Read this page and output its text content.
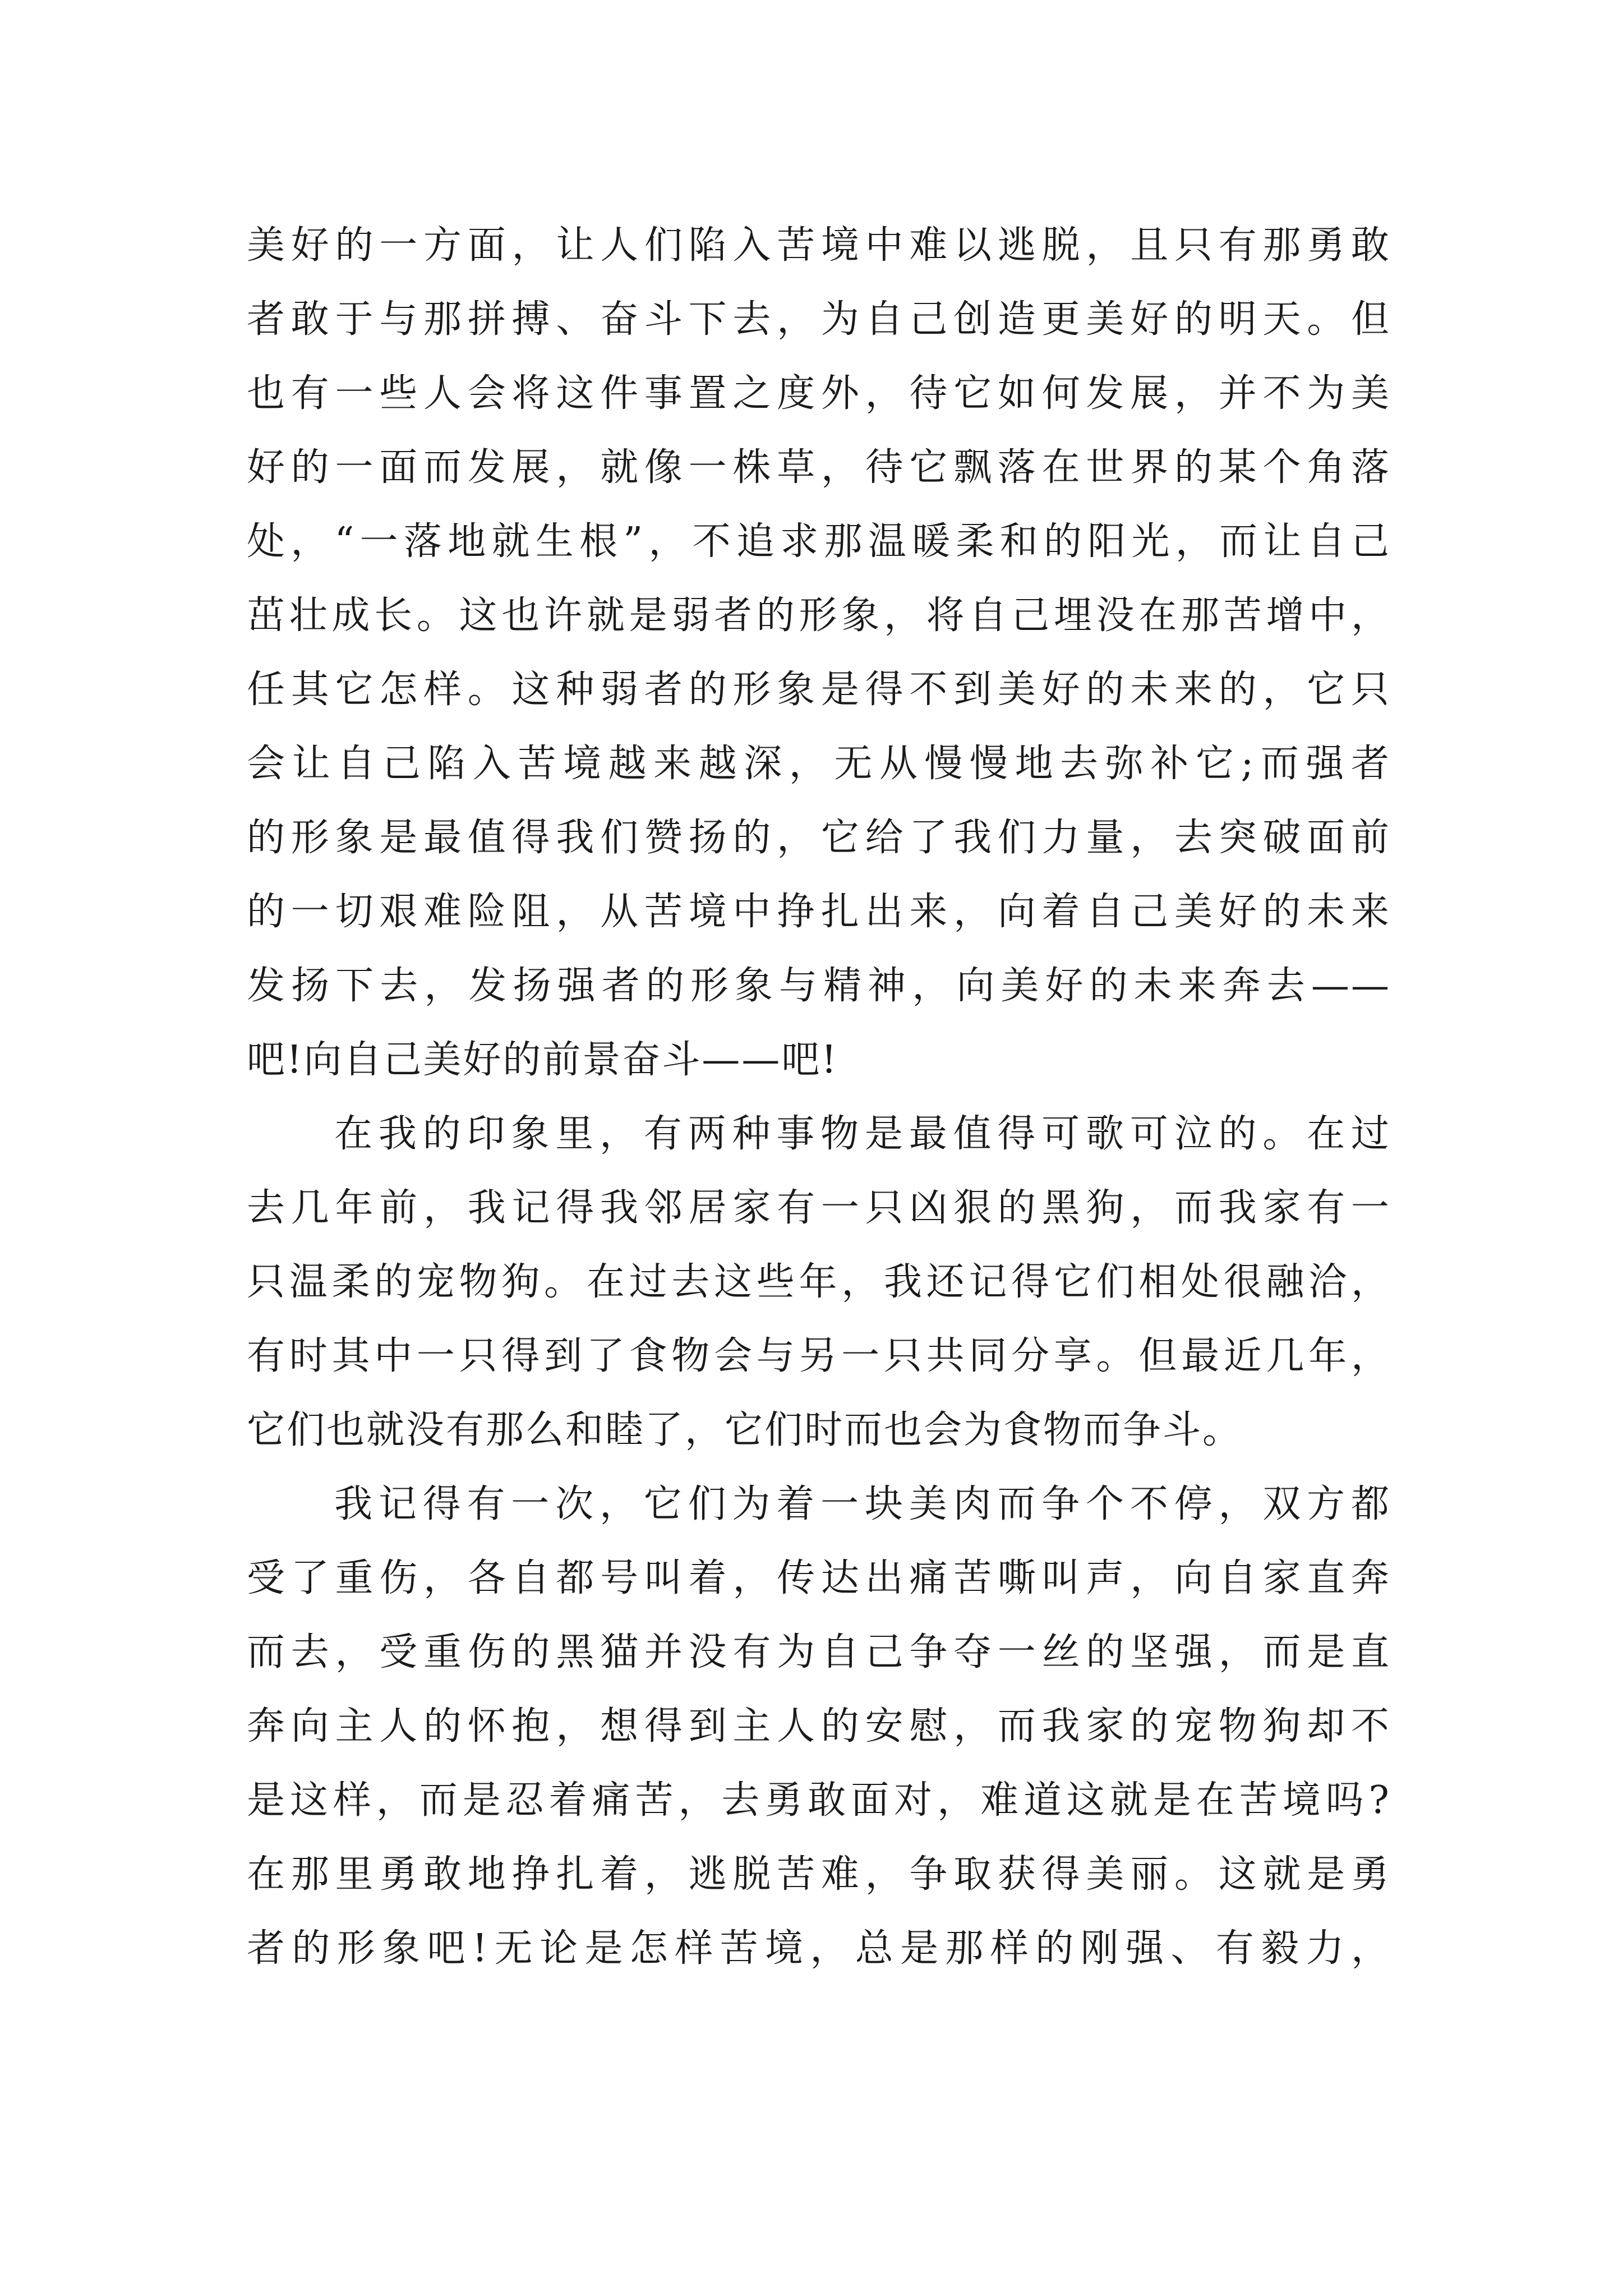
美好的一方面，让人们陷入苦境中难以逃脱，且只有那勇敢
者敢于与那拼搏、奋斗下去，为自己创造更美好的明天。但
也有一些人会将这件事置之度外，待它如何发展，并不为美
好的一面而发展，就像一株草，待它飘落在世界的某个角落
处，“一落地就生根”，不追求那温暖柔和的阳光，而让自己
茁壮成长。这也许就是弱者的形象，将自己埋没在那苦增中，
任其它怎样。这种弱者的形象是得不到美好的未来的，它只
会让自己陷入苦境越来越深，无从慢慢地去弥补它;而强者
的形象是最值得我们赞扬的，它给了我们力量，去突破面前
的一切艰难险阻，从苦境中挣扎出来，向着自己美好的未来
发扬下去，发扬强者的形象与精神，向美好的未来奔去——
吧!向自己美好的前景奋斗——吧!
在我的印象里，有两种事物是最值得可歌可泣的。在过
去几年前，我记得我邻居家有一只凶狠的黑狗，而我家有一
只温柔的宠物狗。在过去这些年，我还记得它们相处很融洽，
有时其中一只得到了食物会与另一只共同分享。但最近几年，
它们也就没有那么和睦了，它们时而也会为食物而争斗。
我记得有一次，它们为着一块美肉而争个不停，双方都
受了重伤，各自都号叫着，传达出痛苦嘶叫声，向自家直奔
而去，受重伤的黑猫并没有为自己争夺一丝的坚强，而是直
奔向主人的怀抱，想得到主人的安慰，而我家的宠物狗却不
是这样，而是忍着痛苦，去勇敢面对，难道这就是在苦境吗?
在那里勇敢地挣扎着，逃脱苦难，争取获得美丽。这就是勇
者的形象吧!无论是怎样苦境，总是那样的刚强、有毅力，
